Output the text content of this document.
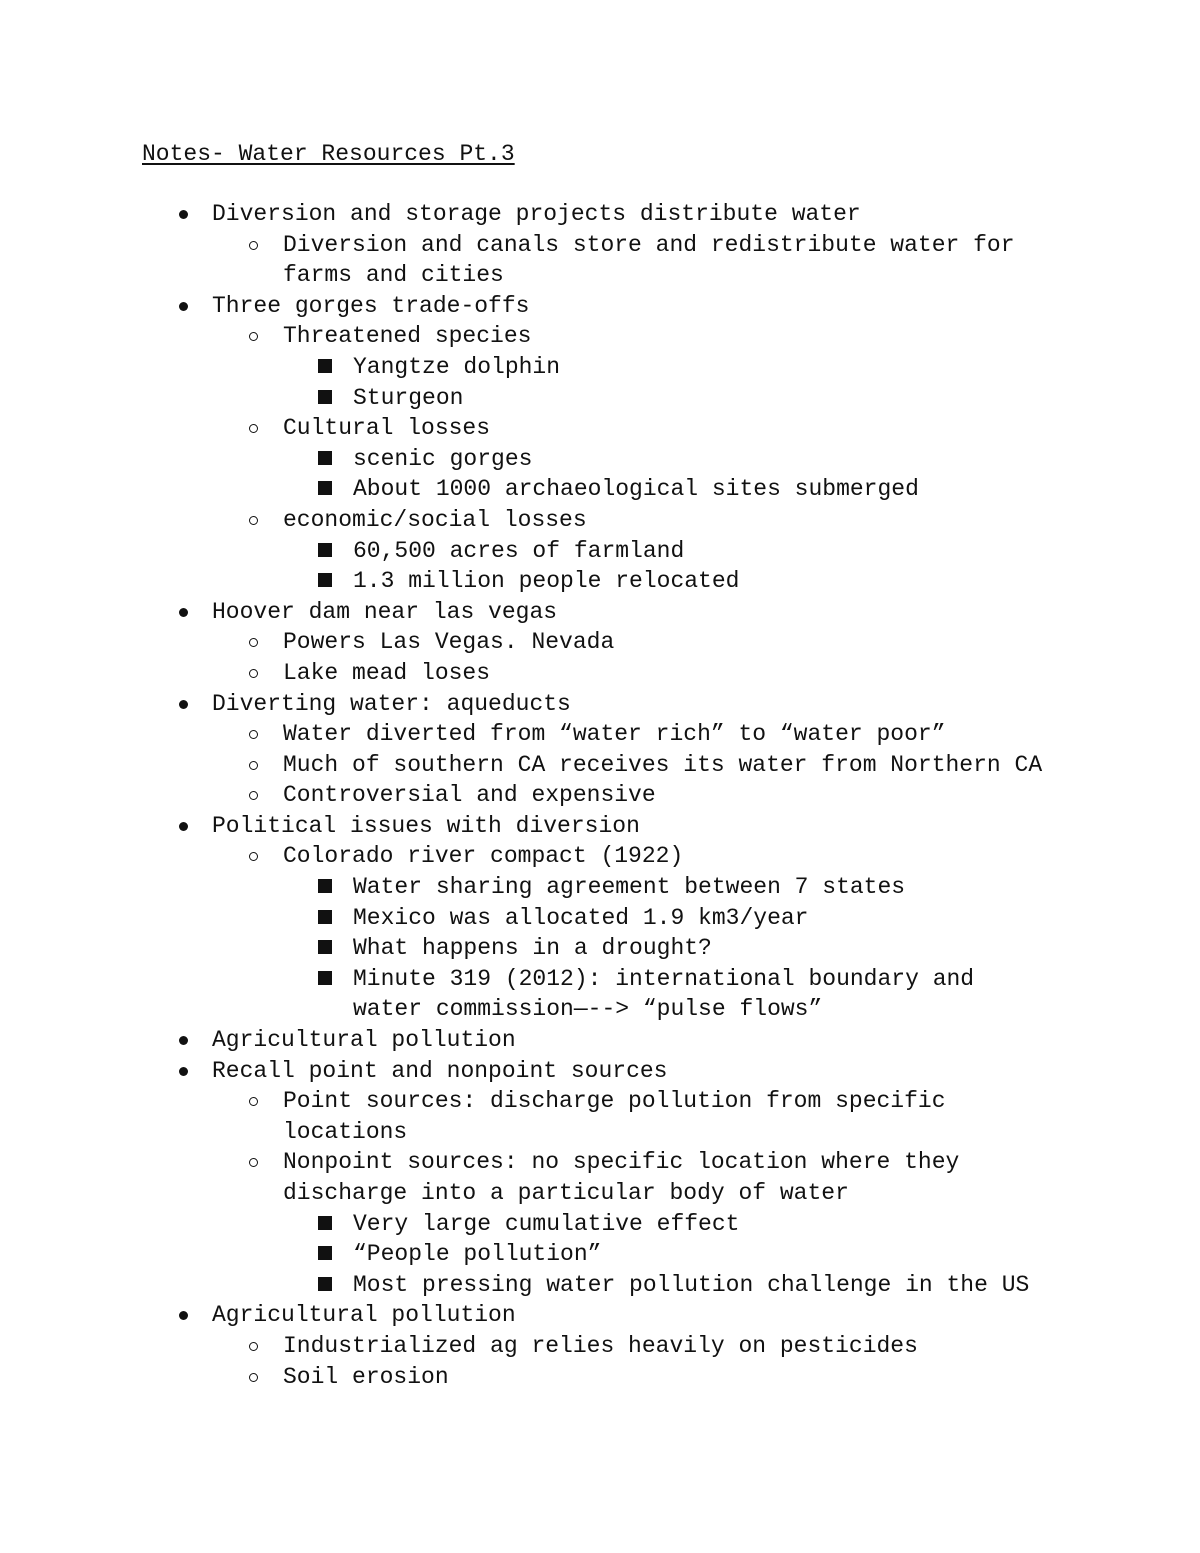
Notes- Water Resources Pt.3
Diversion and storage projects distribute water
Diversion and canals store and redistribute water for
farms and cities
Three gorges trade-offs
Threatened species
Yangtze dolphin
Sturgeon
Cultural losses
scenic gorges
About 1000 archaeological sites submerged
economic/social losses
60,500 acres of farmland
1.3 million people relocated
Hoover dam near las vegas
Powers Las Vegas. Nevada
Lake mead loses
Diverting water: aqueducts
Water diverted from “water rich” to “water poor”
Much of southern CA receives its water from Northern CA
Controversial and expensive
Political issues with diversion
Colorado river compact (1922)
Water sharing agreement between 7 states
Mexico was allocated 1.9 km3/year
What happens in a drought?
Minute 319 (2012): international boundary and
water commission—--> “pulse flows”
Agricultural pollution
Recall point and nonpoint sources
Point sources: discharge pollution from specific
locations
Nonpoint sources: no specific location where they
discharge into a particular body of water
Very large cumulative effect
“People pollution”
Most pressing water pollution challenge in the US
Agricultural pollution
Industrialized ag relies heavily on pesticides
Soil erosion
